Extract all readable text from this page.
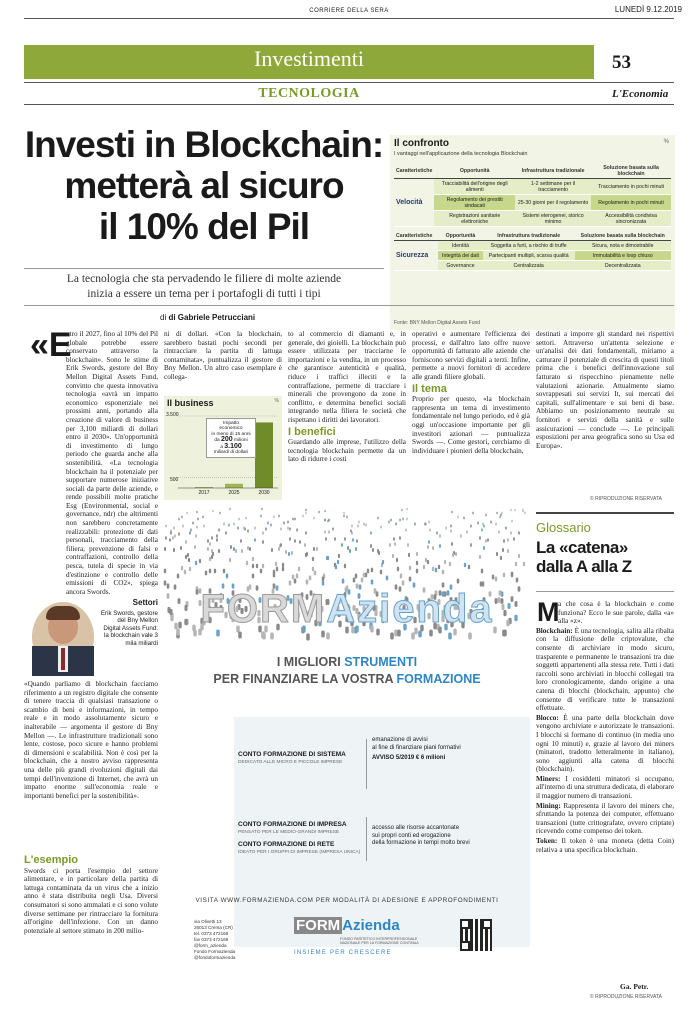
CORRIERE DELLA SERA	LUNEDÌ 9.12.2019
Investimenti	53
TECNOLOGIA	L'Economia
Investi in Blockchain:
metterà al sicuro
il 10% del Pil
Il confronto	%
I vantaggi nell'applicazione della tecnologia Blockchain
Caratteristiche	Opportunità	Infrastruttura tradizionale	Soluzione basata sulla blockchain
Velocità	Tracciabilità dell'origine degli alimenti	1-2 settimane per il tracciamento	Tracciamento in pochi minuti
	Regolamento dei prestiti sindacati	25-30 giorni per il regolamento	Regolamento in pochi minuti
	Registrazioni sanitarie elettroniche	Sistemi eterogenei, storico minimo	Accessibilità condivisa sincronizzata
Caratteristiche	Opportunità	Infrastruttura tradizionale	Soluzione basata sulla blockchain
Sicurezza	Identità	Soggetta a furti, a rischio di truffe	Sicura, nota e dimostrabile
	Integrità dei dati	Partecipanti multipli, scarsa qualità	Immutabilità e loop chiuso
	Governance	Centralizzata	Decentralizzata
Fonte: BNY Mellon Digital Assets Fund
La tecnologia che sta pervadendo le filiere di molte aziende
inizia a essere un tema per i portafogli di tutti i tipi
di di Gabriele Petrucciani
«E

ntro il 2027, fino al 10% del Pil globale potrebbe essere conservato attraverso la blockchain». Sono le stime di Erik Swords, gestore del Bny Mellon Digital Assets Fund, convinto che questa innovativa tecnologia «avrà un impatto economico esponenziale nei prossimi anni, portando alla creazione di valore di business per 3,100 miliardi di dollari entro il 2030». Un'opportunità di investimento di lungo periodo che guarda anche alla sostenibilità. «La tecnologia blockchain ha il potenziale per supportare numerose iniziative sociali da parte delle aziende, e rende possibili molte pratiche Esg (Environmental, social e governance, ndr) che altrimenti non sarebbero concretamente realizzabili: protezione di dati personali, tracciamento della filiera, prevenzione di falsi e contraffazioni, controllo della pesca, tutela di specie in via d'estinzione e controllo delle emissioni di CO2», spiega ancora Swords.

Settori
Erik Swords, gestore del Bny Mellon Digital Assets Fund: la blockchain vale 3 mila miliardi

«Quando parliamo di blockchain facciamo riferimento a un registro digitale che consente di tenere traccia di qualsiasi transazione o scambio di beni e informazioni, in tempo reale e in modo assolutamente sicuro e inalterabile — argomenta il gestore di Bny Mellon —. Le infrastrutture tradizionali sono lente, costose, poco sicure e hanno problemi di dimensioni e scalabilità. Non è così per la blockchain, che a nostro avviso rappresenta una delle più grandi rivoluzioni digitali dai tempi dell'invenzione di Internet, che avrà un impatto enorme sull'economia reale e importanti benefici per la sostenibilità».

L'esempio

Swords ci porta l'esempio del settore alimentare, e in particolare della partita di lattuga contaminata da un virus che a inizio anno è stata distribuita negli Usa. Diversi consumatori si sono ammalati e ci sono volute diverse settimane per rintracciare la fornitura all'origine dell'infezione. Con un danno potenziale al settore stimato in 200 milio-

ni di dollari. «Con la blockchain, sarebbero bastati pochi secondi per rintracciare la partita di lattuga contaminata», puntualizza il gestore di Bny Mellon. Un altro caso esemplare è collega-

Il business	%
3.500
500
Impatto
economico
in meno di 15 anni
da 200 milioni
a 3.100
miliardi di dollari
2017	2025	2030

to al commercio di diamanti e, in generale, dei gioielli. La blockchain può essere utilizzata per tracciarne le importazioni e la vendita, in un processo che garantisce autenticità e qualità, riduce i traffici illeciti e la contraffazione, permette di tracciare i minerali che provengono da zone in conflitto, e determina benefici sociali integrando nella filiera le società che rispettano i diritti dei lavoratori.

I benefici

Guardando alle imprese, l'utilizzo della tecnologia blockchain permette da un lato di ridurre i costi

operativi e aumentare l'efficienza dei processi, e dall'altro lato offre nuove opportunità di fatturato alle aziende che forniscono servizi digitali a terzi. Infine, permette a nuovi fornitori di accedere alle grandi filiere globali.

Il tema

Proprio per questo, «la blockchain rappresenta un tema di investimento fondamentale nel lungo periodo, ed è già oggi un'occasione importante per gli investitori azionari — puntualizza Swords —. Come gestori, cerchiamo di individuare i pionieri della blockchain,

destinati a imporre gli standard nei rispettivi settori. Attraverso un'attenta selezione e un'analisi dei dati fondamentali, miriamo a catturare il potenziale di crescita di questi titoli prima che i benefici dell'innovazione sul fatturato si rispecchino pienamente nelle valutazioni azionarie. Attualmente siamo sovrappesati sui servizi It, sui mercati dei capitali, sull'alimentare e sui beni di base. Abbiamo un posizionamento neutrale su fornitori e servizi della sanità e sulle assicurazioni — conclude —. Le principali esposizioni per area geografica sono su Usa ed Europa».

© RIPRODUZIONE RISERVATA
FORMAzienda
I MIGLIORI STRUMENTI
PER FINANZIARE LA VOSTRA FORMAZIONE
CONTO FORMAZIONE DI SISTEMA
DEDICATO ALLE MICRO E PICCOLE IMPRESE
emanazione di avvisi
al fine di finanziare piani formativi
AVVISO 5/2019 € 6 milioni
CONTO FORMAZIONE DI IMPRESA
PENSATO PER LE MEDIO-GRANDI IMPRESE
CONTO FORMAZIONE DI RETE
IDEATO PER I GRUPPI DI IMPRESE (IMPRESA UNICA)
accesso alle risorse accantonate
sui propri conti ed erogazione
della formazione in tempi molto brevi
VISITA WWW.FORMAZIENDA.COM PER MODALITÀ DI ADESIONE E APPROFONDIMENTI
via Olivetti 13
26013 Crema (CR)
tel. 0373 472168
fax 0373 472169
@form_azienda
Fondo Formazienda
@fondoformazienda
FORM Azienda
FONDO PARITETICO INTERPROFESSIONALE NAZIONALE PER LA FORMAZIONE CONTINUA
INSIEME PER CRESCERE
Glossario
La «catena»
dalla A alla Z
M

a che cosa è la blockchain e come funziona? Ecco le sue parole, dalla «a» alla «z».

Blockchain: È una tecnologia, salita alla ribalta con la diffusione delle criptovalute, che consente di archiviare in modo sicuro, trasparente e permanente le transazioni tra due soggetti appartenenti alla stessa rete. Tutti i dati raccolti sono archiviati in blocchi collegati tra loro cronologicamente, dando origine a una catena di blocchi (blockchain, appunto) che consente di verificare tutte le transazioni effettuate.

Blocco: È una parte della blockchain dove vengono archiviate e autorizzate le transazioni. I blocchi si formano di continuo (in media uno ogni 10 minuti) e, grazie al lavoro dei miners (minatori, tradotto letteralmente in italiano), sono aggiunti alla catena di blocchi (blockchain).

Miners: I cosiddetti minatori si occupano, all'interno di una struttura dedicata, di elaborare il maggior numero di transazioni.

Mining: Rappresenta il lavoro dei miners che, sfruttando la potenza dei computer, effettuano transazioni (tutte crittografate, ovvero criptate) ricevendo come compenso dei token.

Token: Il token è una moneta (detta Coin) relativa a una specifica blockchain.

Ga. Petr.
© RIPRODUZIONE RISERVATA
